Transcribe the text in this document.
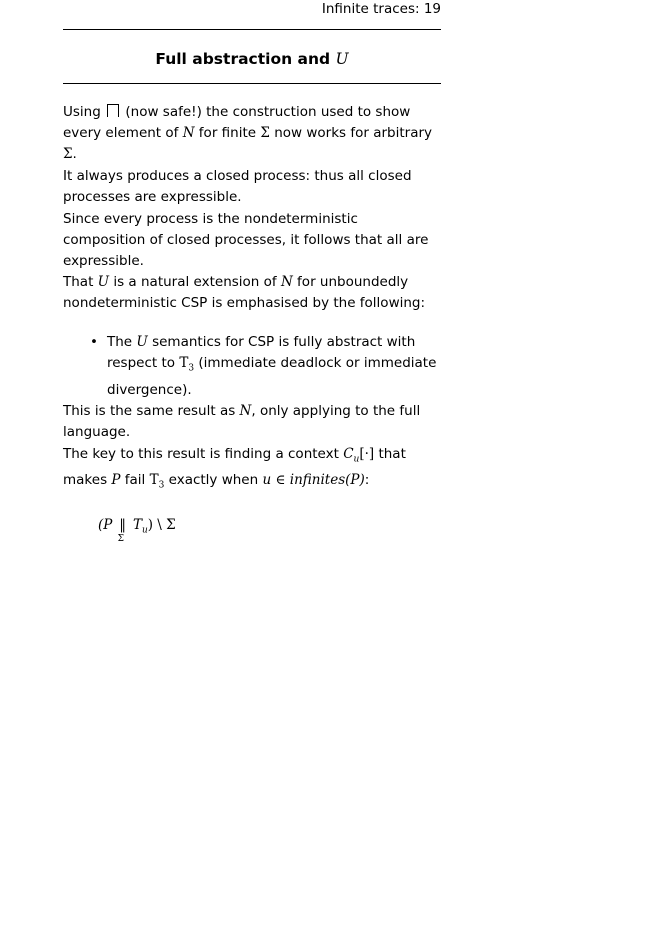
Infinite traces: 19
Full abstraction and U

Using  (now safe!) the construction used to show every element of N for finite Σ now works for arbitrary Σ.

It always produces a closed process: thus all closed processes are expressible.

Since every process is the nondeterministic composition of closed processes, it follows that all are expressible.

That U is a natural extension of N for unboundedly nondeterministic CSP is emphasised by the following:

• The U semantics for CSP is fully abstract with respect to $T_3$ (immediate deadlock or immediate divergence).

This is the same result as N, only applying to the full language.

The key to this result is finding a context $C_u[\cdot]$ that makes P fail $T_3$ exactly when u ∈ infinites(P):

(P ‖
Σ
$T_u$) \ Σ
